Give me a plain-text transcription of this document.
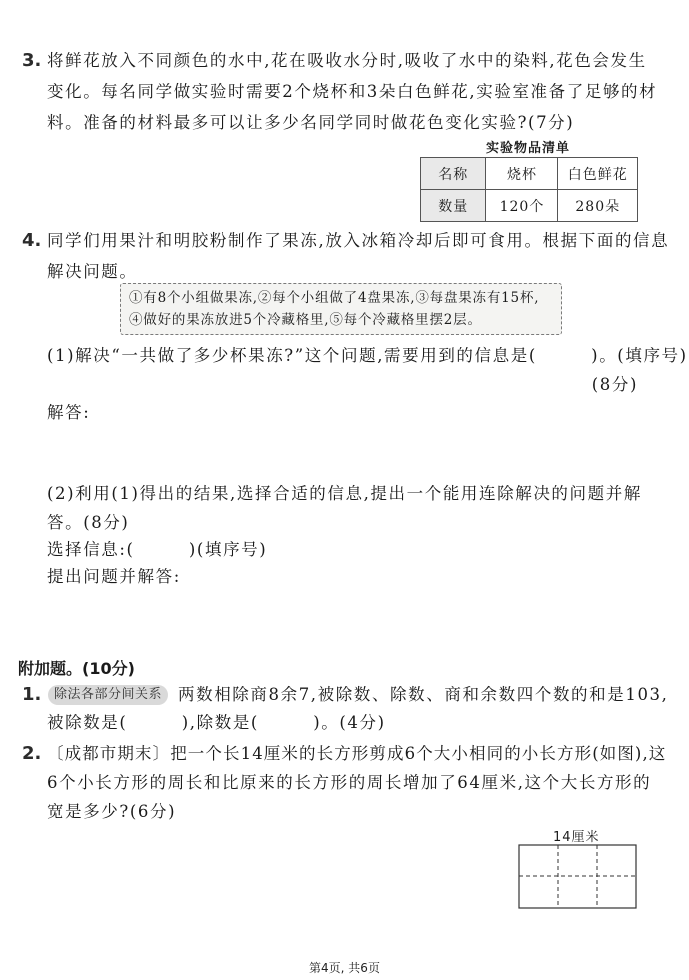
3. 将鲜花放入不同颜色的水中,花在吸收水分时,吸收了水中的染料,花色会发生
变化。每名同学做实验时需要2个烧杯和3朵白色鲜花,实验室准备了足够的材
料。准备的材料最多可以让多少名同学同时做花色变化实验?(7分)
实验物品清单
名称	烧杯	白色鲜花
数量	120个	280朵
4. 同学们用果汁和明胶粉制作了果冻,放入冰箱冷却后即可食用。根据下面的信息
解决问题。
①有8个小组做果冻,②每个小组做了4盘果冻,③每盘果冻有15杯,
④做好的果冻放进5个冷藏格里,⑤每个冷藏格里摆2层。
(1)解决“一共做了多少杯果冻?”这个问题,需要用到的信息是(　　　)。(填序号)
(8分)
解答:
(2)利用(1)得出的结果,选择合适的信息,提出一个能用连除解决的问题并解
答。(8分)
选择信息:(　　　)(填序号)
提出问题并解答:
附加题。(10分)
1. 除法各部分间关系 两数相除商8余7,被除数、除数、商和余数四个数的和是103,
被除数是(　　　),除数是(　　　)。(4分)
2. 〔成都市期末〕把一个长14厘米的长方形剪成6个大小相同的小长方形(如图),这
6个小长方形的周长和比原来的长方形的周长增加了64厘米,这个大长方形的
宽是多少?(6分)
14厘米
第4页, 共6页
